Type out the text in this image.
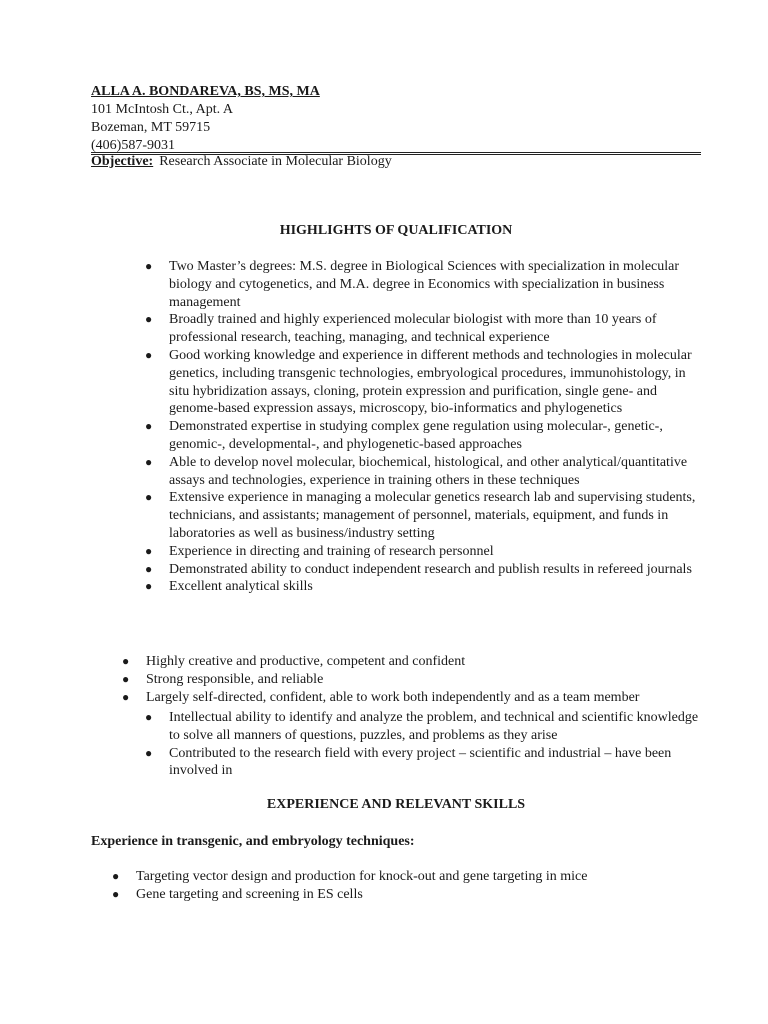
ALLA A. BONDAREVA, BS, MS, MA
101 McIntosh Ct., Apt. A
Bozeman, MT 59715
(406)587-9031
Objective: Research Associate in Molecular Biology
HIGHLIGHTS OF QUALIFICATION
● Two Master’s degrees: M.S. degree in Biological Sciences with specialization in molecular biology and cytogenetics, and M.A. degree in Economics with specialization in business management
● Broadly trained and highly experienced molecular biologist with more than 10 years of professional research, teaching, managing, and technical experience
● Good working knowledge and experience in different methods and technologies in molecular genetics, including transgenic technologies, embryological procedures, immunohistology, in situ hybridization assays, cloning, protein expression and purification, single gene- and genome-based expression assays, microscopy, bio-informatics and phylogenetics
● Demonstrated expertise in studying complex gene regulation using molecular-, genetic-, genomic-, developmental-, and phylogenetic-based approaches
● Able to develop novel molecular, biochemical, histological, and other analytical/quantitative assays and technologies, experience in training others in these techniques
● Extensive experience in managing a molecular genetics research lab and supervising students, technicians, and assistants; management of personnel, materials, equipment, and funds in laboratories as well as business/industry setting
● Experience in directing and training of research personnel
● Demonstrated ability to conduct independent research and publish results in refereed journals
● Excellent analytical skills
● Highly creative and productive, competent and confident
● Strong responsible, and reliable
● Largely self-directed, confident, able to work both independently and as a team member
● Intellectual ability to identify and analyze the problem, and technical and scientific knowledge to solve all manners of questions, puzzles, and problems as they arise
● Contributed to the research field with every project – scientific and industrial – have been involved in
EXPERIENCE AND RELEVANT SKILLS
Experience in transgenic, and embryology techniques:
● Targeting vector design and production for knock-out and gene targeting in mice
● Gene targeting and screening in ES cells
